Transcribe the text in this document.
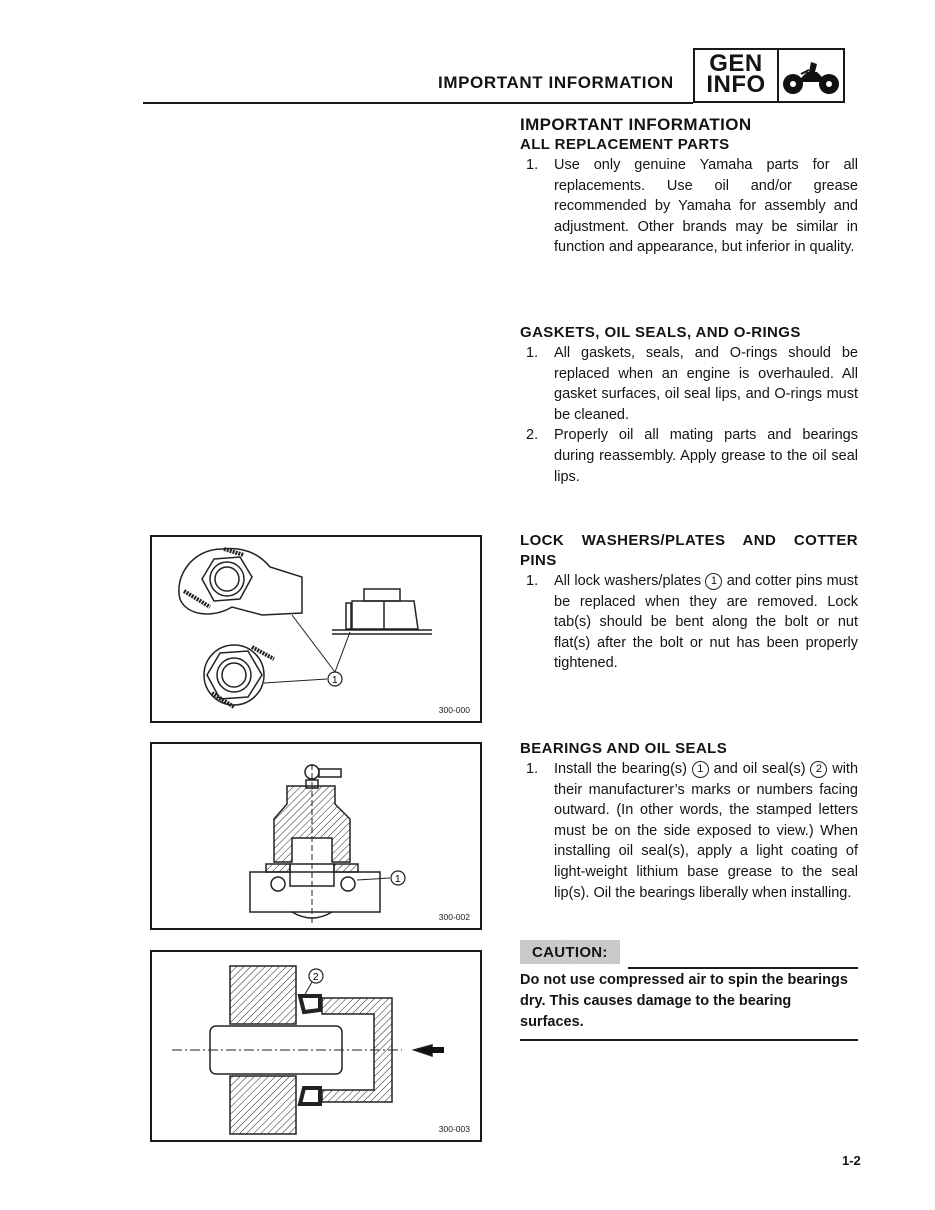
IMPORTANT INFORMATION
GEN
INFO
IMPORTANT INFORMATION
ALL REPLACEMENT PARTS
1.	Use only genuine Yamaha parts for all replacements. Use oil and/or grease recommended by Yamaha for assembly and adjustment. Other brands may be similar in function and appearance, but inferior in quality.
GASKETS, OIL SEALS, AND O-RINGS
1.	All gaskets, seals, and O-rings should be replaced when an engine is overhauled. All gasket surfaces, oil seal lips, and O-rings must be cleaned.
2.	Properly oil all mating parts and bearings during reassembly. Apply grease to the oil seal lips.
LOCK WASHERS/PLATES AND COTTER PINS
1.	All lock washers/plates 1 and cotter pins must be replaced when they are removed. Lock tab(s) should be bent along the bolt or nut flat(s) after the bolt or nut has been properly tightened.
BEARINGS AND OIL SEALS
1.	Install the bearing(s) 1 and oil seal(s) 2 with their manufacturer’s marks or numbers facing outward. (In other words, the stamped letters must be on the side exposed to view.) When installing oil seal(s), apply a light coating of light-weight lithium base grease to the seal lip(s). Oil the bearings liberally when installing.
CAUTION:
Do not use compressed air to spin the bearings dry. This causes damage to the bearing surfaces.
1
300-000
1
300-002
2
300-003
1-2
